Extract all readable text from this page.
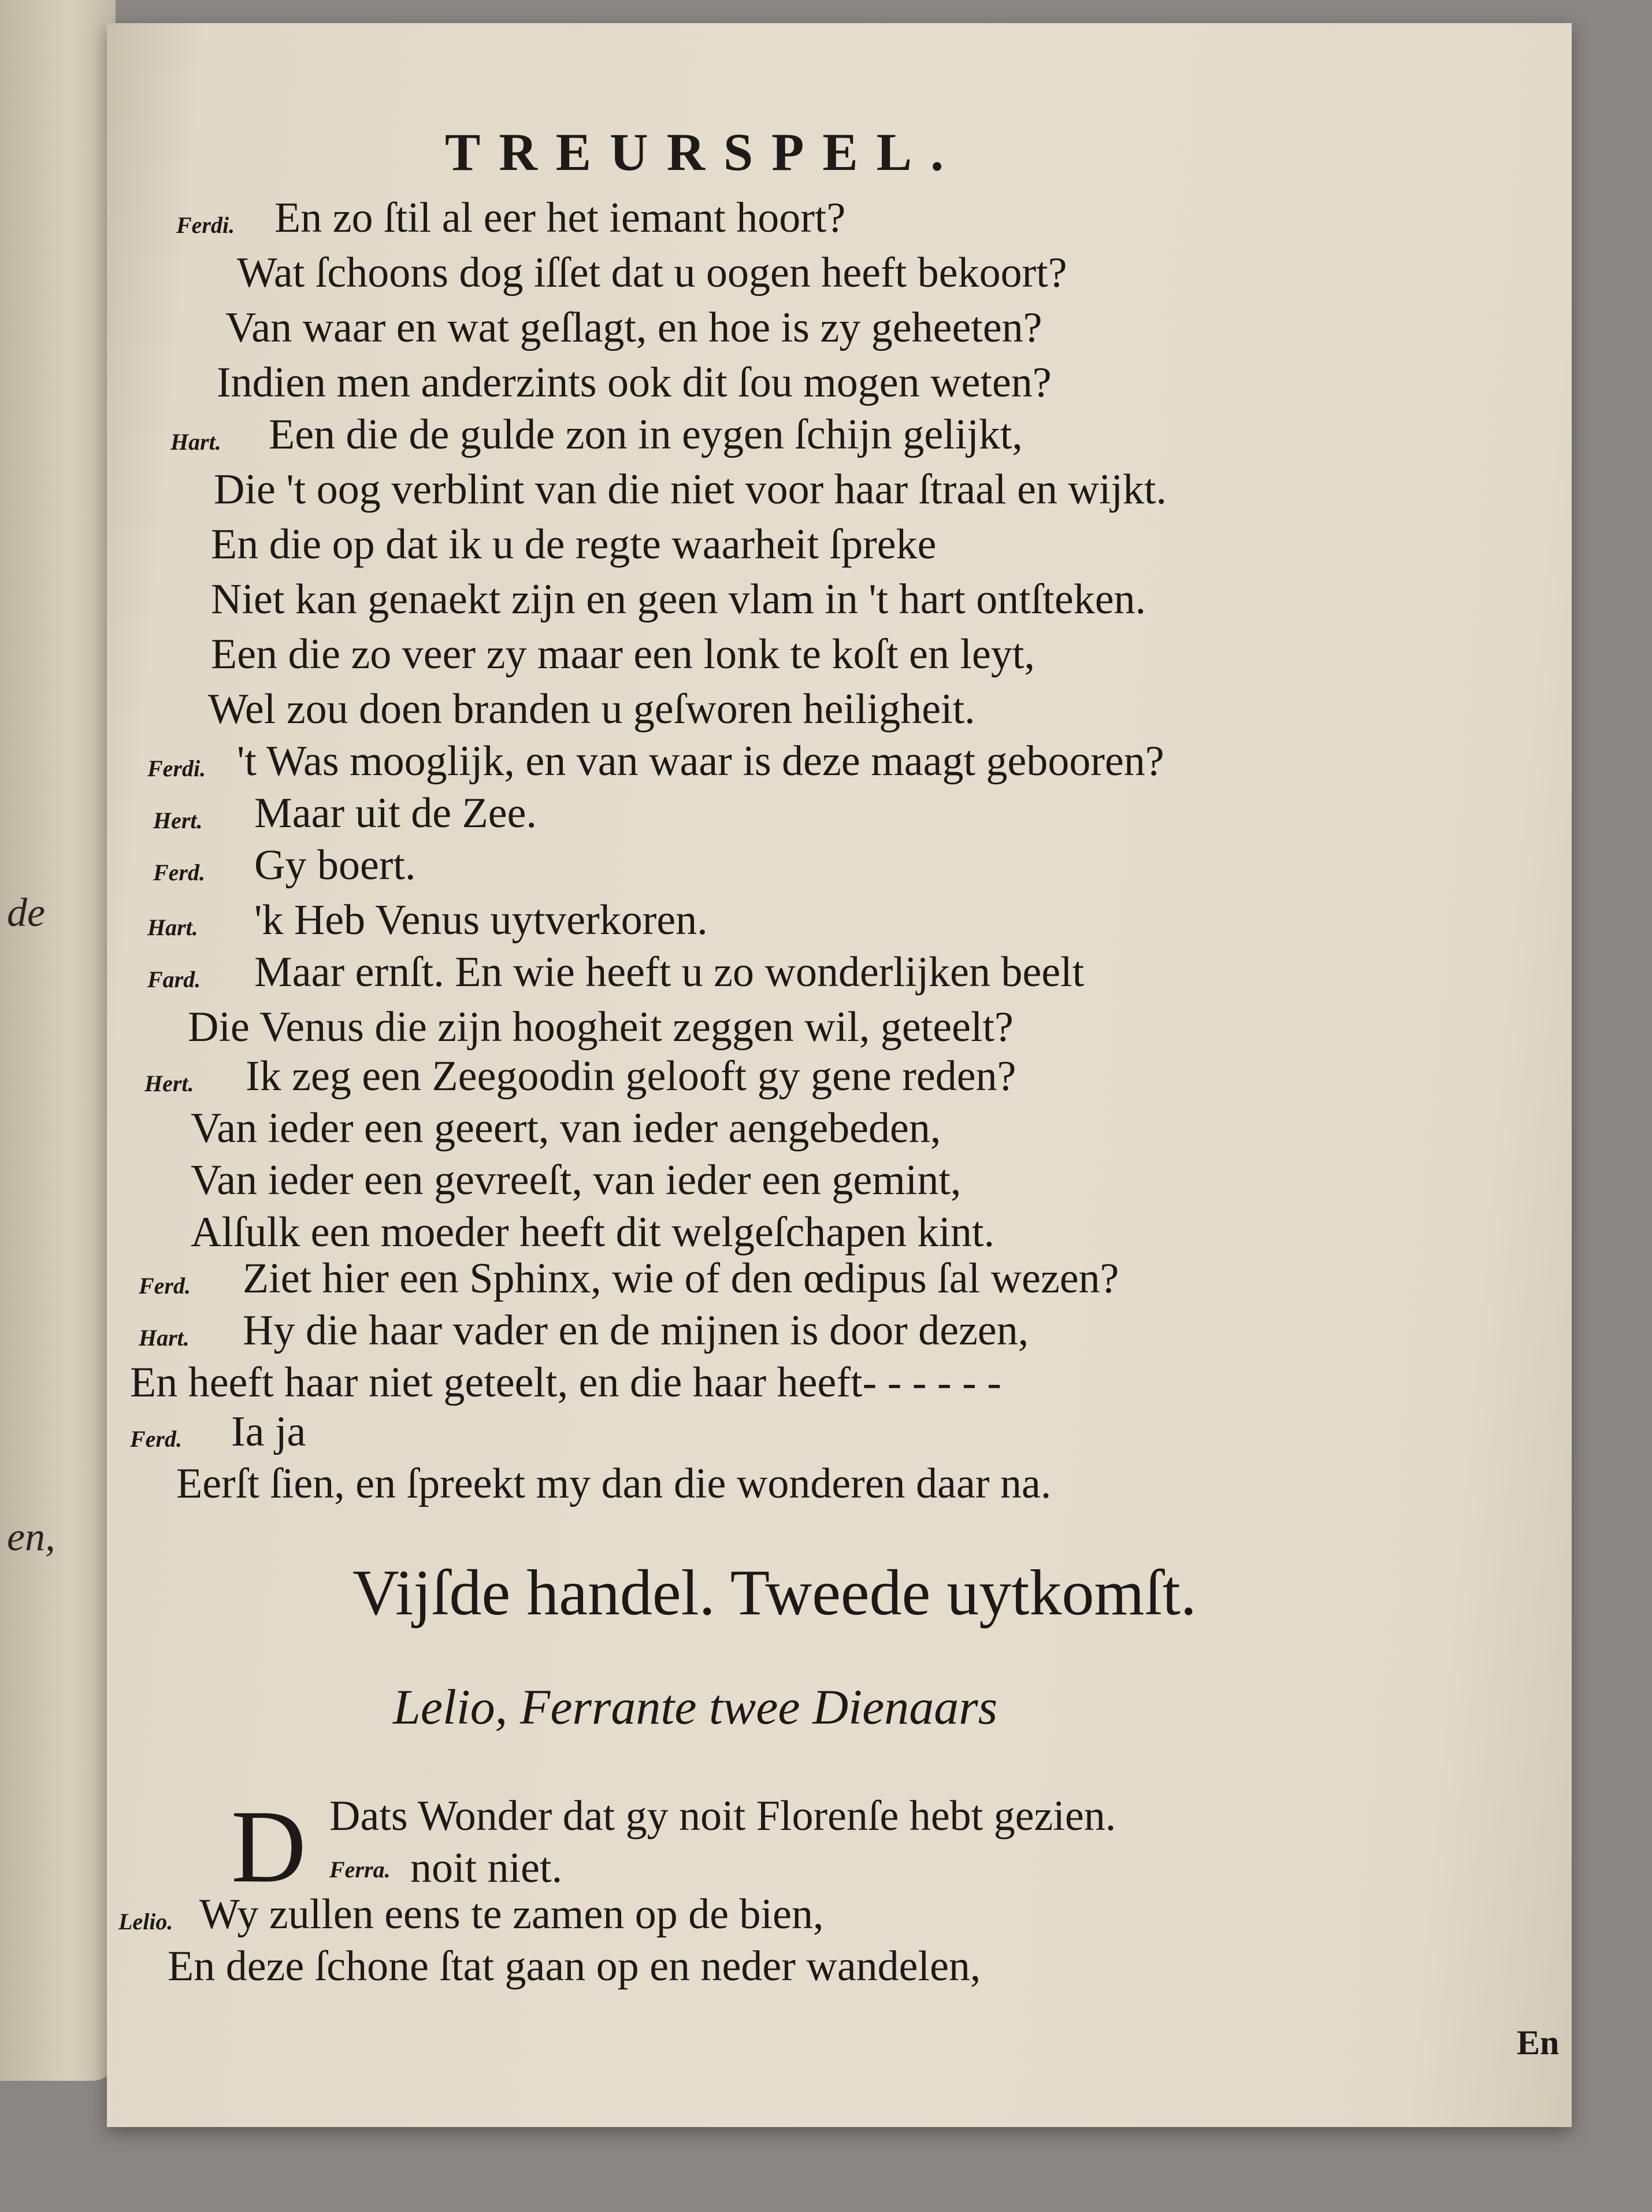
de
en,
TREURSPEL.
Ferdi. En zo ſtil al eer het iemant hoort?
Wat ſchoons dog iſſet dat u oogen heeft bekoort?
Van waar en wat geſlagt, en hoe is zy geheeten?
Indien men anderzints ook dit ſou mogen weten?
Hart. Een die de gulde zon in eygen ſchijn gelijkt,
Die 't oog verblint van die niet voor haar ſtraal en wijkt.
En die op dat ik u de regte waarheit ſpreke
Niet kan genaekt zijn en geen vlam in 't hart ontſteken.
Een die zo veer zy maar een lonk te koſt en leyt,
Wel zou doen branden u geſworen heiligheit.
Ferdi. 't Was mooglijk, en van waar is deze maagt gebooren?
Hert. Maar uit de Zee.
Ferd. Gy boert.
Hart. 'k Heb Venus uytverkoren.
Fard. Maar ernſt. En wie heeft u zo wonderlijken beelt
Die Venus die zijn hoogheit zeggen wil, geteelt?
Hert. Ik zeg een Zeegoodin gelooft gy gene reden?
Van ieder een geeert, van ieder aengebeden,
Van ieder een gevreeſt, van ieder een gemint,
Alſulk een moeder heeft dit welgeſchapen kint.
Ferd. Ziet hier een Sphinx, wie of den œdipus ſal wezen?
Hart. Hy die haar vader en de mijnen is door dezen,
En heeft haar niet geteelt, en die haar heeft- - - - - -
Ferd. Ia ja
Eerſt ſien, en ſpreekt my dan die wonderen daar na.
Vijſde handel. Tweede uytkomſt.
Lelio, Ferrante twee Dienaars
D Dats Wonder dat gy noit Florenſe hebt gezien.
Ferra. noit niet.
Lelio. Wy zullen eens te zamen op de bien,
En deze ſchone ſtat gaan op en neder wandelen,
En
